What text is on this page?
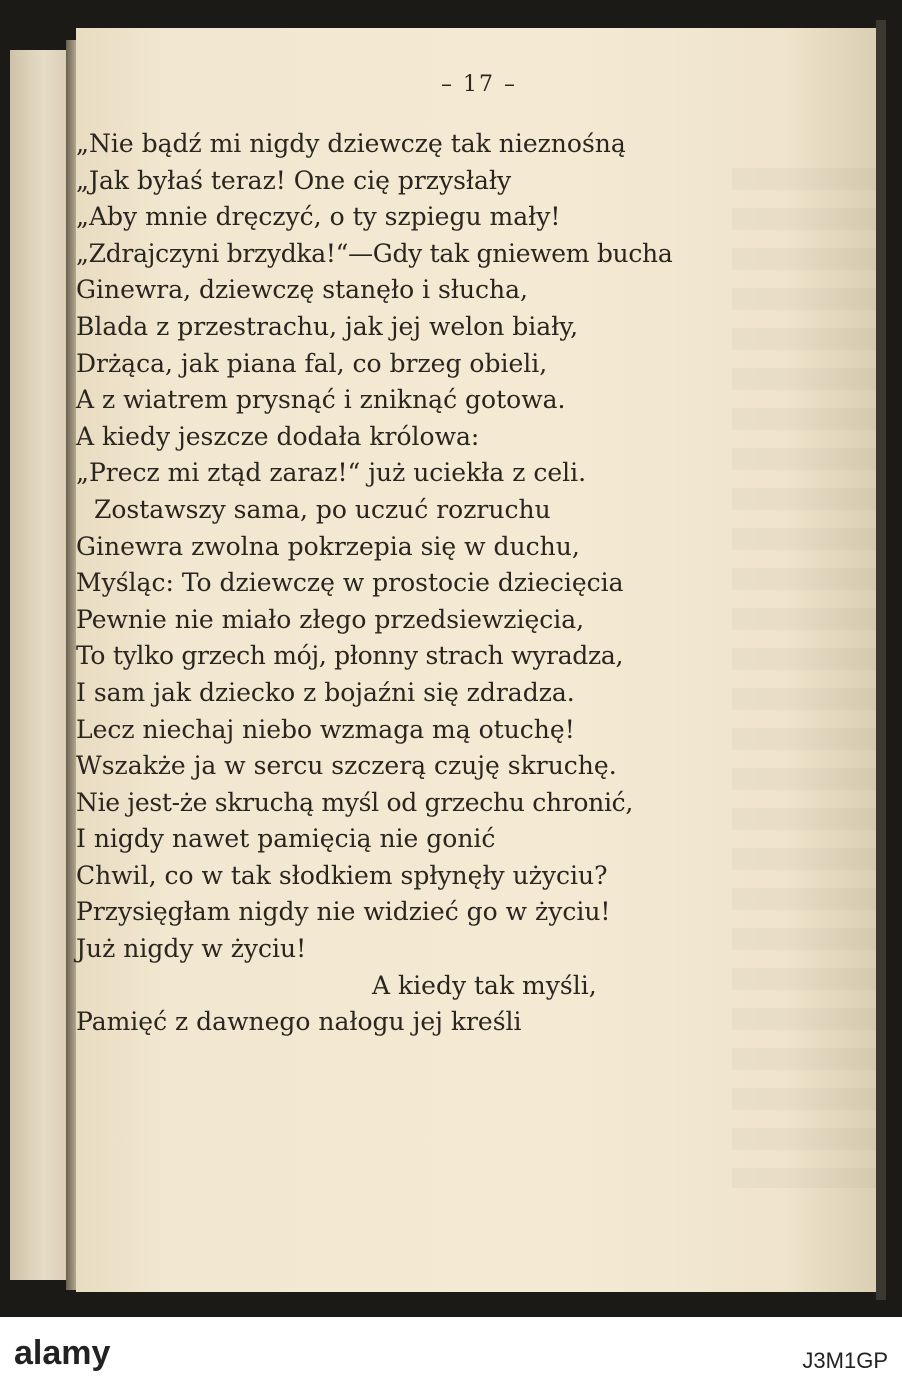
– 17 –
„Nie bądź mi nigdy dziewczę tak nieznośną
„Jak byłaś teraz! One cię przysłały
„Aby mnie dręczyć, o ty szpiegu mały!
„Zdrajczyni brzydka!“—Gdy tak gniewem bucha
Ginewra, dziewczę stanęło i słucha,
Blada z przestrachu, jak jej welon biały,
Drżąca, jak piana fal, co brzeg obieli,
A z wiatrem prysnąć i zniknąć gotowa.
A kiedy jeszcze dodała królowa:
„Precz mi ztąd zaraz!“ już uciekła z celi.
Zostawszy sama, po uczuć rozruchu
Ginewra zwolna pokrzepia się w duchu,
Myśląc: To dziewczę w prostocie dziecięcia
Pewnie nie miało złego przedsiewzięcia,
To tylko grzech mój, płonny strach wyradza,
I sam jak dziecko z bojaźni się zdradza.
Lecz niechaj niebo wzmaga mą otuchę!
Wszakże ja w sercu szczerą czuję skruchę.
Nie jest-że skruchą myśl od grzechu chronić,
I nigdy nawet pamięcią nie gonić
Chwil, co w tak słodkiem spłynęły użyciu?
Przysięgłam nigdy nie widzieć go w życiu!
Już nigdy w życiu!
A kiedy tak myśli,
Pamięć z dawnego nałogu jej kreśli
alamy	J3M1GP
